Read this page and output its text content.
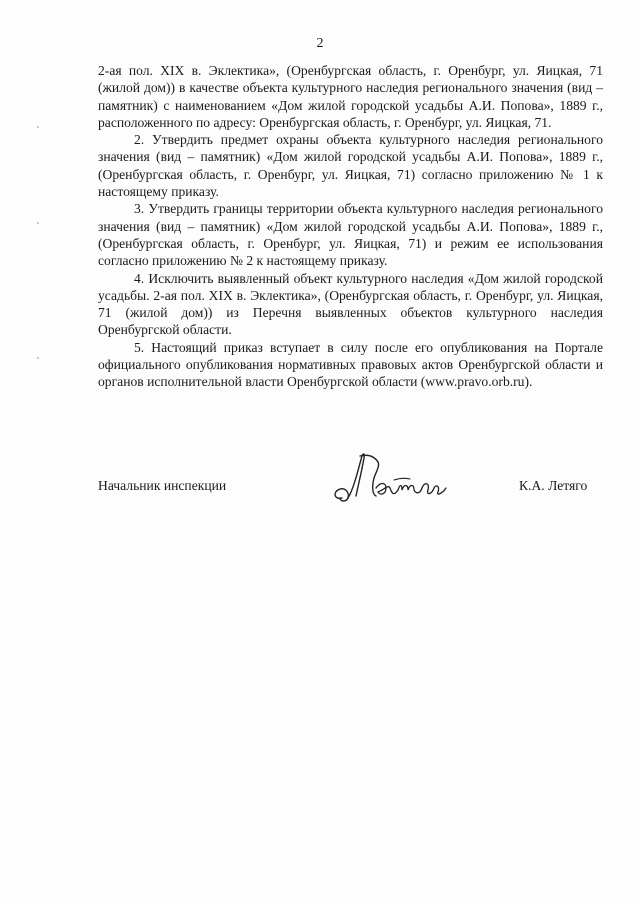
2

2-ая пол. XIX в. Эклектика», (Оренбургская область, г. Оренбург, ул. Яицкая, 71 (жилой дом)) в качестве объекта культурного наследия регионального значения (вид – памятник) с наименованием «Дом жилой городской усадьбы А.И. Попова», 1889 г., расположенного по адресу: Оренбургская область, г. Оренбург, ул. Яицкая, 71.

2. Утвердить предмет охраны объекта культурного наследия регионального значения (вид – памятник) «Дом жилой городской усадьбы А.И. Попова», 1889 г., (Оренбургская область, г. Оренбург, ул. Яицкая, 71) согласно приложению № 1 к настоящему приказу.

3. Утвердить границы территории объекта культурного наследия регионального значения (вид – памятник) «Дом жилой городской усадьбы А.И. Попова», 1889 г., (Оренбургская область, г. Оренбург, ул. Яицкая, 71) и режим ее использования согласно приложению № 2 к настоящему приказу.

4. Исключить выявленный объект культурного наследия «Дом жилой городской усадьбы. 2-ая пол. XIX в. Эклектика», (Оренбургская область, г. Оренбург, ул. Яицкая, 71 (жилой дом)) из Перечня выявленных объектов культурного наследия Оренбургской области.

5. Настоящий приказ вступает в силу после его опубликования на Портале официального опубликования нормативных правовых актов Оренбургской области и органов исполнительной власти Оренбургской области (www.pravo.orb.ru).

Начальник инспекции	К.А. Летяго
